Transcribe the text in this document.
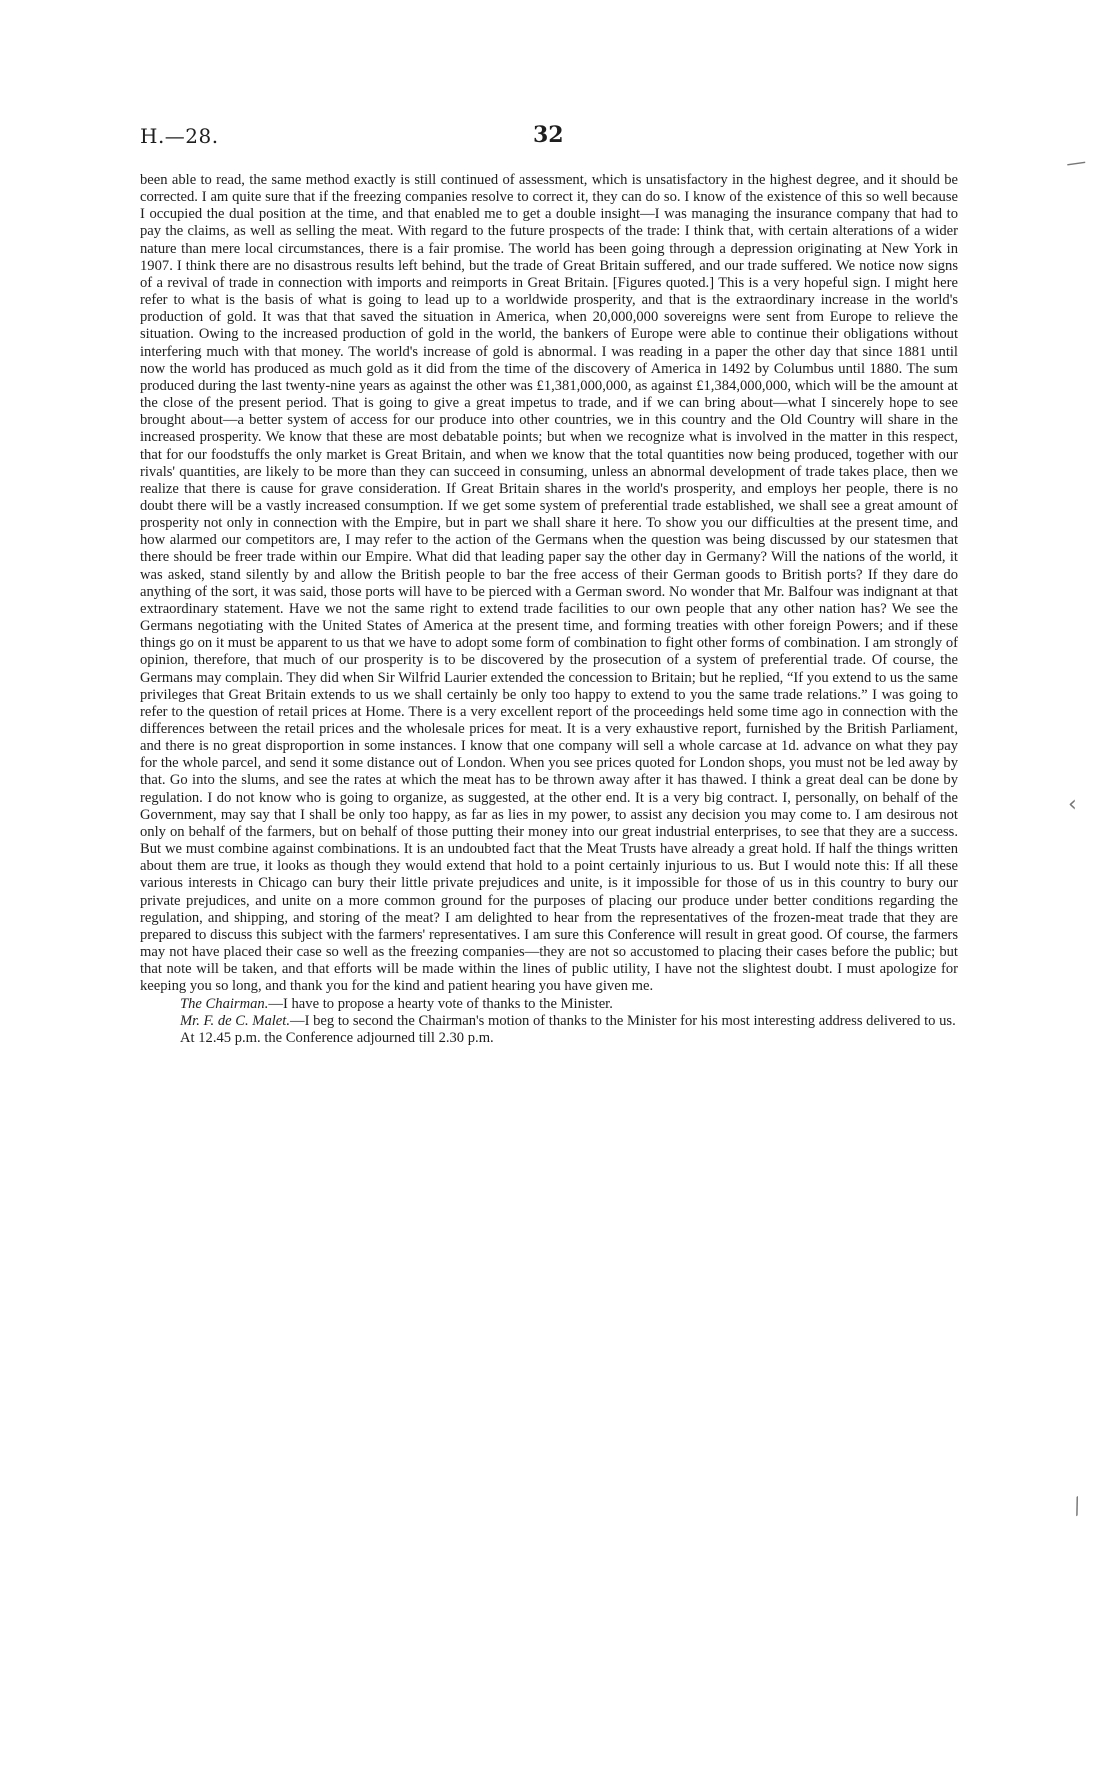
H.—28.	32

been able to read, the same method exactly is still continued of assessment, which is unsatisfactory in the highest degree, and it should be corrected. I am quite sure that if the freezing companies resolve to correct it, they can do so. I know of the existence of this so well because I occupied the dual position at the time, and that enabled me to get a double insight—I was managing the insurance company that had to pay the claims, as well as selling the meat. With regard to the future prospects of the trade: I think that, with certain alterations of a wider nature than mere local circumstances, there is a fair promise. The world has been going through a depression originating at New York in 1907. I think there are no disastrous results left behind, but the trade of Great Britain suffered, and our trade suffered. We notice now signs of a revival of trade in connection with imports and reimports in Great Britain. [Figures quoted.] This is a very hopeful sign. I might here refer to what is the basis of what is going to lead up to a worldwide prosperity, and that is the extraordinary increase in the world's production of gold. It was that that saved the situation in America, when 20,000,000 sovereigns were sent from Europe to relieve the situation. Owing to the increased production of gold in the world, the bankers of Europe were able to continue their obligations without interfering much with that money. The world's increase of gold is abnormal. I was reading in a paper the other day that since 1881 until now the world has produced as much gold as it did from the time of the discovery of America in 1492 by Columbus until 1880. The sum produced during the last twenty-nine years as against the other was £1,381,000,000, as against £1,384,000,000, which will be the amount at the close of the present period. That is going to give a great impetus to trade, and if we can bring about—what I sincerely hope to see brought about—a better system of access for our produce into other countries, we in this country and the Old Country will share in the increased prosperity. We know that these are most debatable points; but when we recognize what is involved in the matter in this respect, that for our foodstuffs the only market is Great Britain, and when we know that the total quantities now being produced, together with our rivals' quantities, are likely to be more than they can succeed in consuming, unless an abnormal development of trade takes place, then we realize that there is cause for grave consideration. If Great Britain shares in the world's prosperity, and employs her people, there is no doubt there will be a vastly increased consumption. If we get some system of preferential trade established, we shall see a great amount of prosperity not only in connection with the Empire, but in part we shall share it here. To show you our difficulties at the present time, and how alarmed our competitors are, I may refer to the action of the Germans when the question was being discussed by our statesmen that there should be freer trade within our Empire. What did that leading paper say the other day in Germany? Will the nations of the world, it was asked, stand silently by and allow the British people to bar the free access of their German goods to British ports? If they dare do anything of the sort, it was said, those ports will have to be pierced with a German sword. No wonder that Mr. Balfour was indignant at that extraordinary statement. Have we not the same right to extend trade facilities to our own people that any other nation has? We see the Germans negotiating with the United States of America at the present time, and forming treaties with other foreign Powers; and if these things go on it must be apparent to us that we have to adopt some form of combination to fight other forms of combination. I am strongly of opinion, therefore, that much of our prosperity is to be discovered by the prosecution of a system of preferential trade. Of course, the Germans may complain. They did when Sir Wilfrid Laurier extended the concession to Britain; but he replied, “If you extend to us the same privileges that Great Britain extends to us we shall certainly be only too happy to extend to you the same trade relations.” I was going to refer to the question of retail prices at Home. There is a very excellent report of the proceedings held some time ago in connection with the differences between the retail prices and the wholesale prices for meat. It is a very exhaustive report, furnished by the British Parliament, and there is no great disproportion in some instances. I know that one company will sell a whole carcase at 1d. advance on what they pay for the whole parcel, and send it some distance out of London. When you see prices quoted for London shops, you must not be led away by that. Go into the slums, and see the rates at which the meat has to be thrown away after it has thawed. I think a great deal can be done by regulation. I do not know who is going to organize, as suggested, at the other end. It is a very big contract. I, personally, on behalf of the Government, may say that I shall be only too happy, as far as lies in my power, to assist any decision you may come to. I am desirous not only on behalf of the farmers, but on behalf of those putting their money into our great industrial enterprises, to see that they are a success. But we must combine against combinations. It is an undoubted fact that the Meat Trusts have already a great hold. If half the things written about them are true, it looks as though they would extend that hold to a point certainly injurious to us. But I would note this: If all these various interests in Chicago can bury their little private prejudices and unite, is it impossible for those of us in this country to bury our private prejudices, and unite on a more common ground for the purposes of placing our produce under better conditions regarding the regulation, and shipping, and storing of the meat? I am delighted to hear from the representatives of the frozen-meat trade that they are prepared to discuss this subject with the farmers' representatives. I am sure this Conference will result in great good. Of course, the farmers may not have placed their case so well as the freezing companies—they are not so accustomed to placing their cases before the public; but that note will be taken, and that efforts will be made within the lines of public utility, I have not the slightest doubt. I must apologize for keeping you so long, and thank you for the kind and patient hearing you have given me.

The Chairman.—I have to propose a hearty vote of thanks to the Minister.

Mr. F. de C. Malet.—I beg to second the Chairman's motion of thanks to the Minister for his most interesting address delivered to us.

At 12.45 p.m. the Conference adjourned till 2.30 p.m.

—
‹
⁄
